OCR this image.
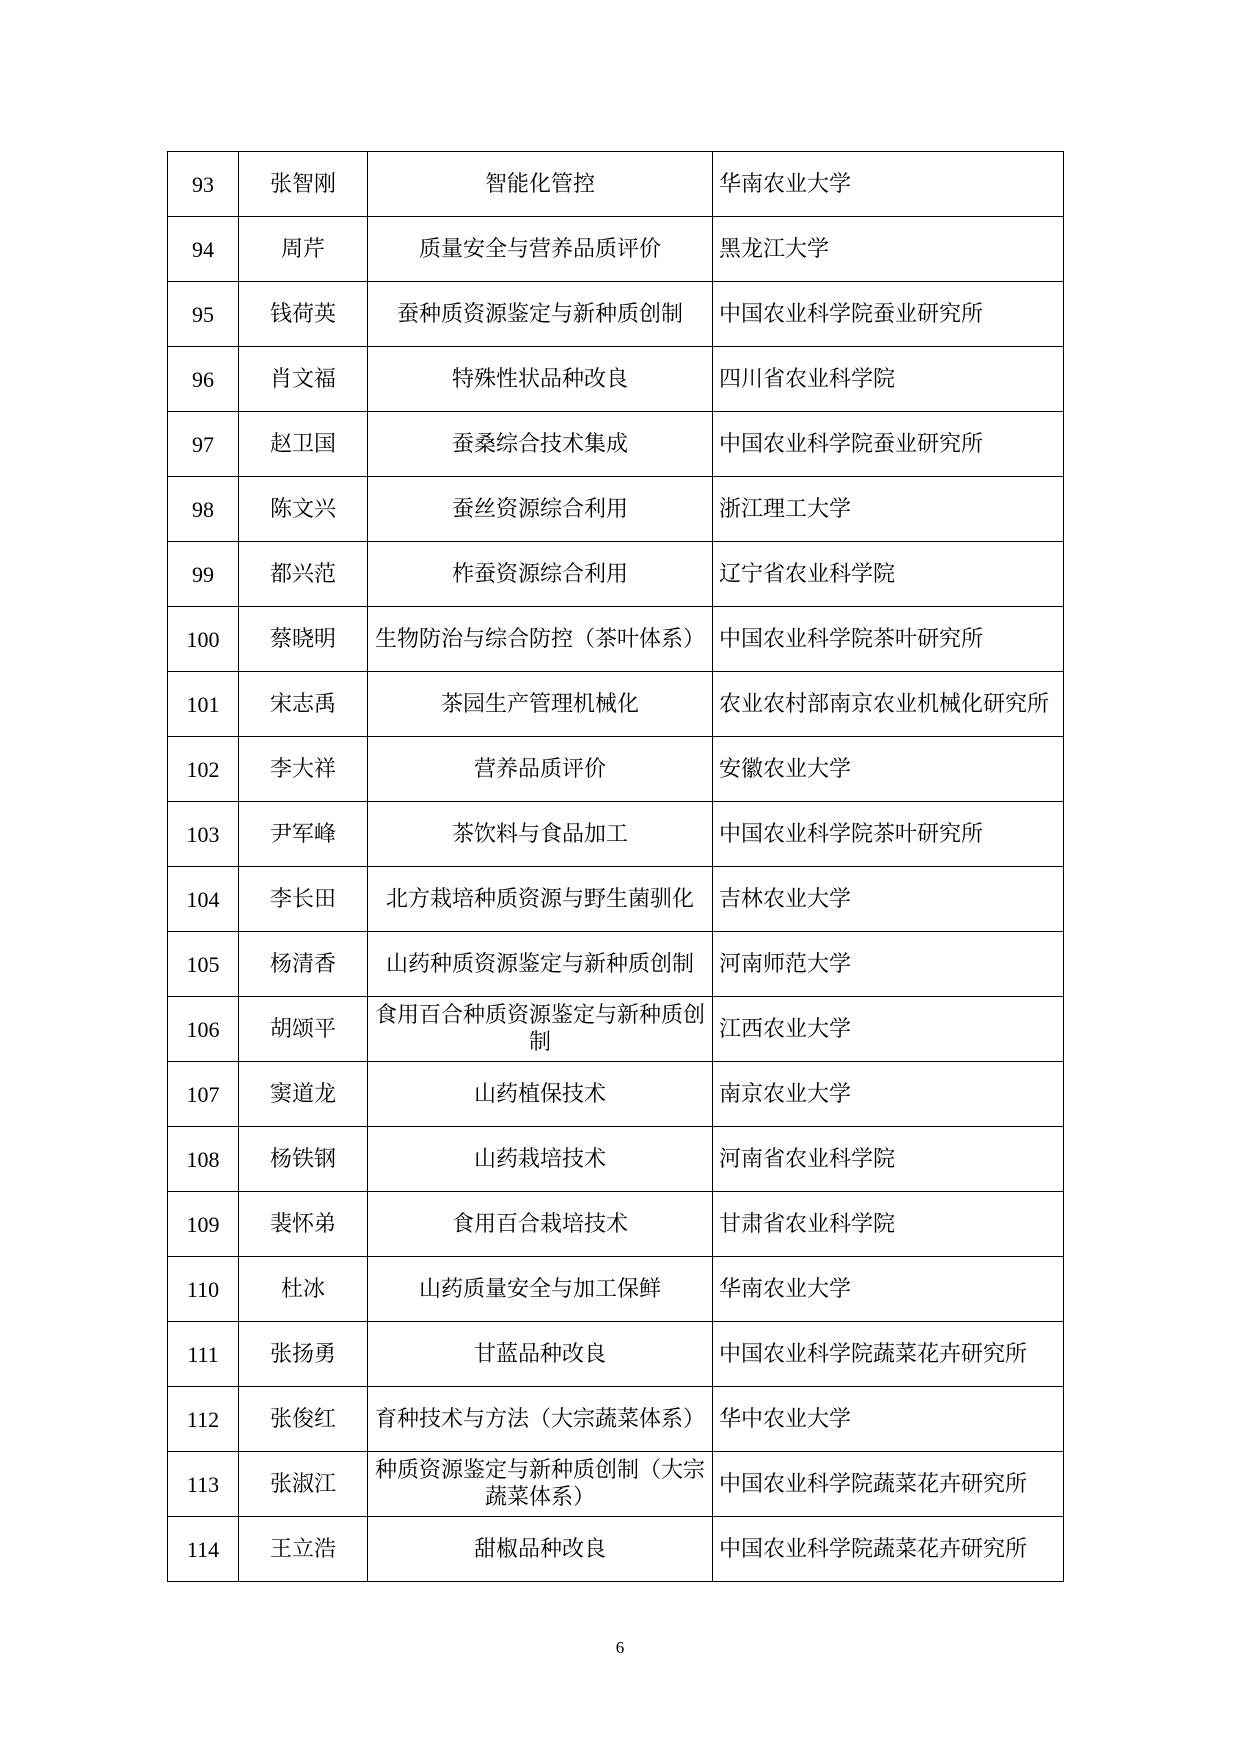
93	张智刚	智能化管控	华南农业大学
94	周芹	质量安全与营养品质评价	黑龙江大学
95	钱荷英	蚕种质资源鉴定与新种质创制	中国农业科学院蚕业研究所
96	肖文福	特殊性状品种改良	四川省农业科学院
97	赵卫国	蚕桑综合技术集成	中国农业科学院蚕业研究所
98	陈文兴	蚕丝资源综合利用	浙江理工大学
99	都兴范	柞蚕资源综合利用	辽宁省农业科学院
100	蔡晓明	生物防治与综合防控（茶叶体系）	中国农业科学院茶叶研究所
101	宋志禹	茶园生产管理机械化	农业农村部南京农业机械化研究所
102	李大祥	营养品质评价	安徽农业大学
103	尹军峰	茶饮料与食品加工	中国农业科学院茶叶研究所
104	李长田	北方栽培种质资源与野生菌驯化	吉林农业大学
105	杨清香	山药种质资源鉴定与新种质创制	河南师范大学
106	胡颂平	食用百合种质资源鉴定与新种质创制	江西农业大学
107	窦道龙	山药植保技术	南京农业大学
108	杨铁钢	山药栽培技术	河南省农业科学院
109	裴怀弟	食用百合栽培技术	甘肃省农业科学院
110	杜冰	山药质量安全与加工保鲜	华南农业大学
111	张扬勇	甘蓝品种改良	中国农业科学院蔬菜花卉研究所
112	张俊红	育种技术与方法（大宗蔬菜体系）	华中农业大学
113	张淑江	种质资源鉴定与新种质创制（大宗蔬菜体系）	中国农业科学院蔬菜花卉研究所
114	王立浩	甜椒品种改良	中国农业科学院蔬菜花卉研究所
6
